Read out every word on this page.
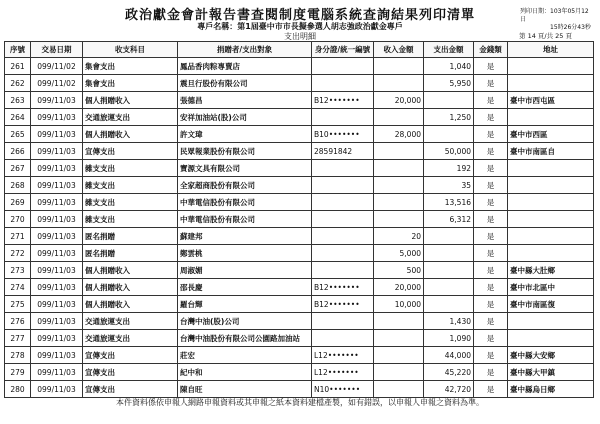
政治獻金會計報告書查閱制度電腦系統查詢結果列印清單
專戶名稱：第1屆臺中市市長擬參選人胡志強政治獻金專戶
支出明細
列印日期：103年05月12日
15時26分43秒
第 14 頁/共 25 頁
序號	交易日期	收支科目	捐贈者/支出對象	身分證/統一編號	收入金額	支出金額	金錢類	地址
261	099/11/02	集會支出	鳳品香肉粽專賣店			1,040	是	
262	099/11/02	集會支出	震旦行股份有限公司			5,950	是	
263	099/11/03	個人捐贈收入	張德昌	B12•••••••	20,000		是	臺中市西屯區
264	099/11/03	交通旅運支出	安祥加油站(股)公司			1,250	是	
265	099/11/03	個人捐贈收入	許文瑋	B10•••••••	28,000		是	臺中市西區
266	099/11/03	宣傳支出	民眾報業股份有限公司	28591842		50,000	是	臺中市南區自
267	099/11/03	雜支支出	寶源文具有限公司			192	是	
268	099/11/03	雜支支出	全家超商股份有限公司			35	是	
269	099/11/03	雜支支出	中華電信股份有限公司			13,516	是	
270	099/11/03	雜支支出	中華電信股份有限公司			6,312	是	
271	099/11/03	匿名捐贈	蘇建邦		20		是	
272	099/11/03	匿名捐贈	鄭雲桃		5,000		是	
273	099/11/03	個人捐贈收入	周淑媚		500		是	臺中縣大肚鄉
274	099/11/03	個人捐贈收入	邵長慶	B12•••••••	20,000		是	臺中市北區中
275	099/11/03	個人捐贈收入	羅台輝	B12•••••••	10,000		是	臺中市南區復
276	099/11/03	交通旅運支出	台灣中油(股)公司			1,430	是	
277	099/11/03	交通旅運支出	台灣中油股份有限公司公園路加油站			1,090	是	
278	099/11/03	宣傳支出	莊宏	L12•••••••		44,000	是	臺中縣大安鄉
279	099/11/03	宣傳支出	紀中和	L12•••••••		45,220	是	臺中縣大甲鎮
280	099/11/03	宣傳支出	陳自旺	N10•••••••		42,720	是	臺中縣烏日鄉
本件資料係依申報人網路申報資料或其申報之紙本資料建檔產製，如有錯誤，以申報人申報之資料為準。
